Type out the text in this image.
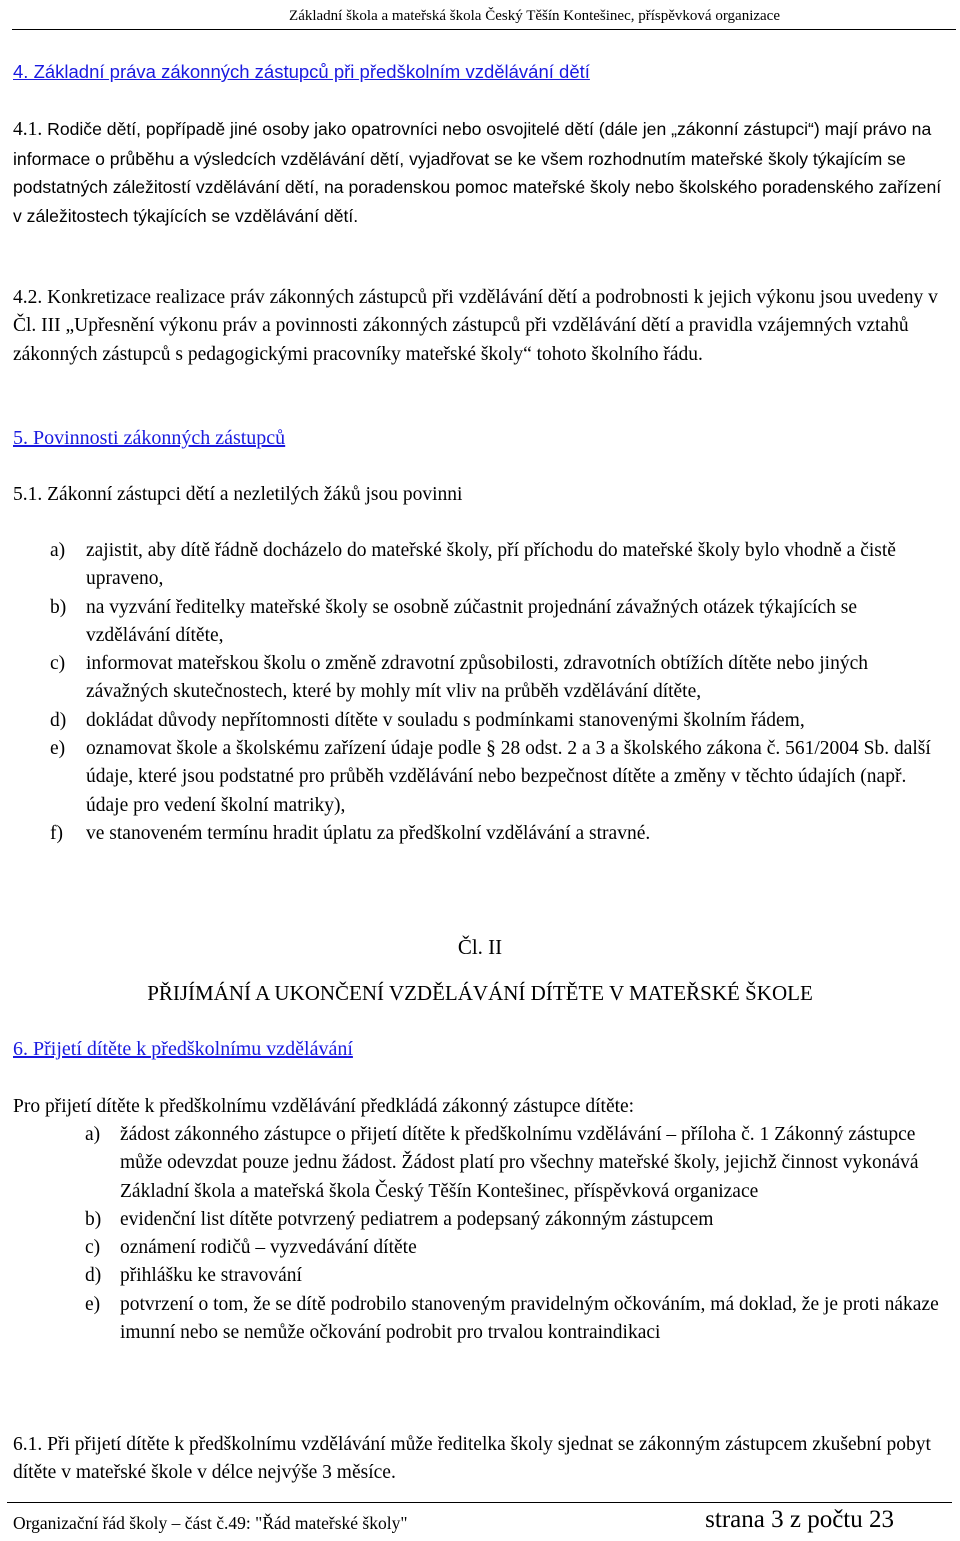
Základní škola a mateřská škola Český Těšín Kontešinec, příspěvková organizace
4. Základní práva zákonných zástupců při předškolním vzdělávání dětí

4.1. Rodiče dětí, popřípadě jiné osoby jako opatrovníci nebo osvojitelé dětí (dále jen „zákonní zástupci“) mají právo na informace o průběhu a výsledcích vzdělávání dětí, vyjadřovat se ke všem rozhodnutím mateřské školy týkajícím se podstatných záležitostí vzdělávání dětí, na poradenskou pomoc mateřské školy nebo školského poradenského zařízení v záležitostech týkajících se vzdělávání dětí.

4.2. Konkretizace realizace práv zákonných zástupců při vzdělávání dětí a podrobnosti k jejich výkonu jsou uvedeny v Čl. III „Upřesnění výkonu práv a povinnosti zákonných zástupců při vzdělávání dětí a pravidla vzájemných vztahů zákonných zástupců s pedagogickými pracovníky mateřské školy“ tohoto školního řádu.

5. Povinnosti zákonných zástupců

5.1. Zákonní zástupci dětí a nezletilých žáků jsou povinni

a) zajistit, aby dítě řádně docházelo do mateřské školy, pří příchodu do mateřské školy bylo vhodně a čistě upraveno,
b) na vyzvání ředitelky mateřské školy se osobně zúčastnit projednání závažných otázek týkajících se vzdělávání dítěte,
c) informovat mateřskou školu o změně zdravotní způsobilosti, zdravotních obtížích dítěte nebo jiných závažných skutečnostech, které by mohly mít vliv na průběh vzdělávání dítěte,
d) dokládat důvody nepřítomnosti dítěte v souladu s podmínkami stanovenými školním řádem,
e) oznamovat škole a školskému zařízení údaje podle § 28 odst. 2 a 3 a školského zákona č. 561/2004 Sb. další údaje, které jsou podstatné pro průběh vzdělávání nebo bezpečnost dítěte a změny v těchto údajích (např. údaje pro vedení školní matriky),
f) ve stanoveném termínu hradit úplatu za předškolní vzdělávání a stravné.

Čl. II

PŘIJÍMÁNÍ A UKONČENÍ VZDĚLÁVÁNÍ DÍTĚTE V MATEŘSKÉ ŠKOLE

6. Přijetí dítěte k předškolnímu vzdělávání

Pro přijetí dítěte k předškolnímu vzdělávání předkládá zákonný zástupce dítěte:

a) žádost zákonného zástupce o přijetí dítěte k předškolnímu vzdělávání – příloha č. 1 Zákonný zástupce může odevzdat pouze jednu žádost. Žádost platí pro všechny mateřské školy, jejichž činnost vykonává Základní škola a mateřská škola Český Těšín Kontešinec, příspěvková organizace
b) evidenční list dítěte potvrzený pediatrem a podepsaný zákonným zástupcem
c) oznámení rodičů – vyzvedávání dítěte
d) přihlášku ke stravování
e) potvrzení o tom, že se dítě podrobilo stanoveným pravidelným očkováním, má doklad, že je proti nákaze imunní nebo se nemůže očkování podrobit pro trvalou kontraindikaci

6.1. Při přijetí dítěte k předškolnímu vzdělávání může ředitelka školy sjednat se zákonným zástupcem zkušební pobyt dítěte v mateřské škole v délce nejvýše 3 měsíce.

Organizační řád školy – část č.49: "Řád mateřské školy"	strana 3 z počtu 23
